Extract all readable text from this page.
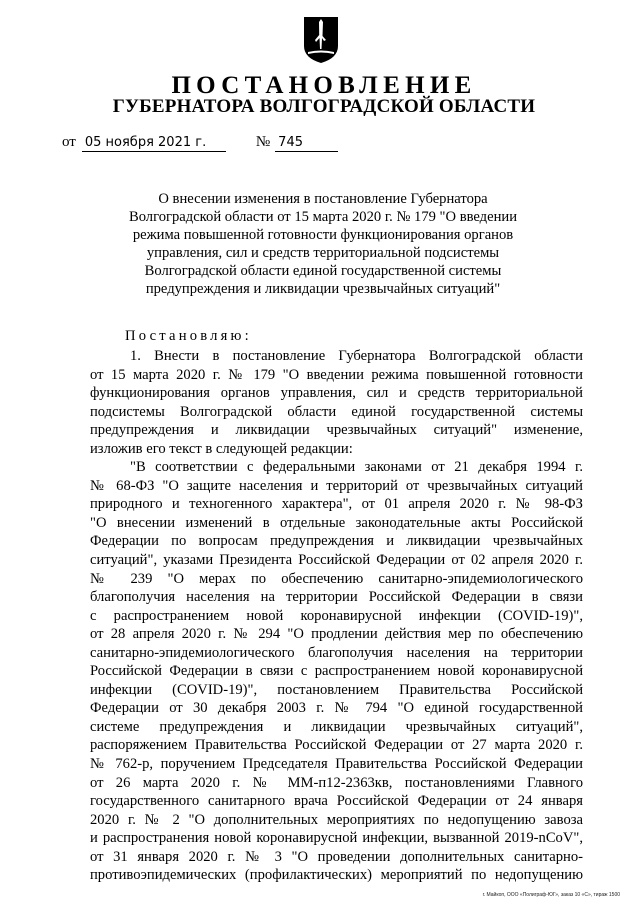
ПОСТАНОВЛЕНИЕ
ГУБЕРНАТОРА ВОЛГОГРАДСКОЙ ОБЛАСТИ
от 05 ноября 2021 г.	№ 745
О внесении изменения в постановление Губернатора
Волгоградской области от 15 марта 2020 г. № 179 "О введении
режима повышенной готовности функционирования органов
управления, сил и средств территориальной подсистемы
Волгоградской области единой государственной системы
предупреждения и ликвидации чрезвычайных ситуаций"
Постановляю:
1. Внести в постановление Губернатора Волгоградской области
от 15 марта 2020 г. № 179 "О введении режима повышенной готовности
функционирования органов управления, сил и средств территориальной
подсистемы Волгоградской области единой государственной системы
предупреждения и ликвидации чрезвычайных ситуаций" изменение,
изложив его текст в следующей редакции:
"В соответствии с федеральными законами от 21 декабря 1994 г.
№ 68-ФЗ "О защите населения и территорий от чрезвычайных ситуаций
природного и техногенного характера", от 01 апреля 2020 г. № 98-ФЗ
"О внесении изменений в отдельные законодательные акты Российской
Федерации по вопросам предупреждения и ликвидации чрезвычайных
ситуаций", указами Президента Российской Федерации от 02 апреля 2020 г.
№ 239 "О мерах по обеспечению санитарно-эпидемиологического
благополучия населения на территории Российской Федерации в связи
с распространением новой коронавирусной инфекции (COVID-19)",
от 28 апреля 2020 г. № 294 "О продлении действия мер по обеспечению
санитарно-эпидемиологического благополучия населения на территории
Российской Федерации в связи с распространением новой коронавирусной
инфекции (COVID-19)", постановлением Правительства Российской
Федерации от 30 декабря 2003 г. № 794 "О единой государственной
системе предупреждения и ликвидации чрезвычайных ситуаций",
распоряжением Правительства Российской Федерации от 27 марта 2020 г.
№ 762-р, поручением Председателя Правительства Российской Федерации
от 26 марта 2020 г. № ММ-п12-2363кв, постановлениями Главного
государственного санитарного врача Российской Федерации от 24 января
2020 г. № 2 "О дополнительных мероприятиях по недопущению завоза
и распространения новой коронавирусной инфекции, вызванной 2019-nCoV",
от 31 января 2020 г. № 3 "О проведении дополнительных санитарно-
противоэпидемических (профилактических) мероприятий по недопущению
г. Майкоп, ООО «Полиграф-ЮГ», заказ 10 «С», тираж 1500
